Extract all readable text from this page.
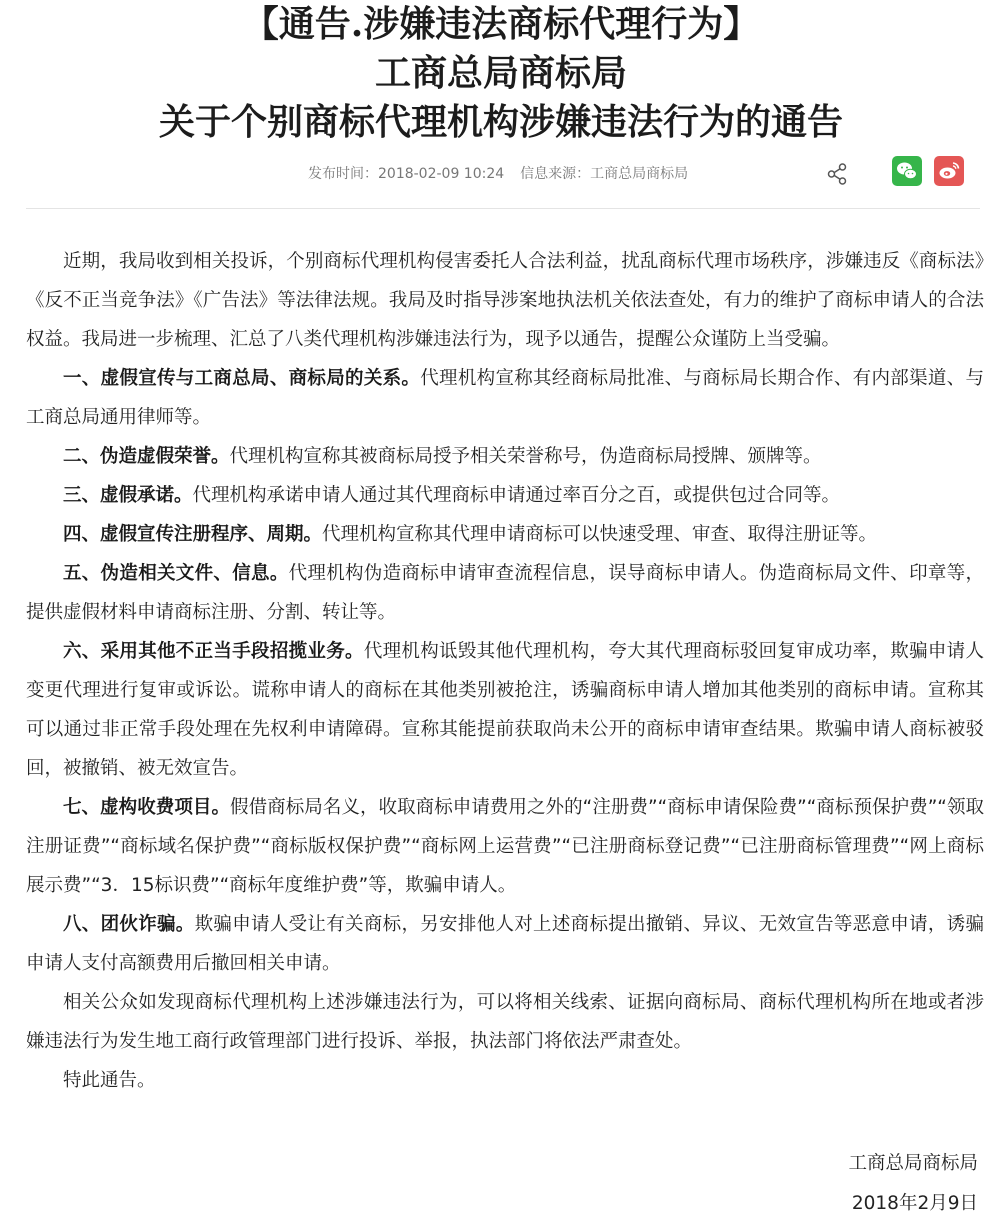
【通告.涉嫌违法商标代理行为】
工商总局商标局
关于个别商标代理机构涉嫌违法行为的通告
发布时间：2018-02-09 10:24 信息来源：工商总局商标局

近期，我局收到相关投诉，个别商标代理机构侵害委托人合法利益，扰乱商标代理市场秩序，涉嫌违反《商标法》《反不正当竞争法》《广告法》等法律法规。我局及时指导涉案地执法机关依法查处，有力的维护了商标申请人的合法权益。我局进一步梳理、汇总了八类代理机构涉嫌违法行为，现予以通告，提醒公众谨防上当受骗。

一、虚假宣传与工商总局、商标局的关系。代理机构宣称其经商标局批准、与商标局长期合作、有内部渠道、与工商总局通用律师等。

二、伪造虚假荣誉。代理机构宣称其被商标局授予相关荣誉称号，伪造商标局授牌、颁牌等。

三、虚假承诺。代理机构承诺申请人通过其代理商标申请通过率百分之百，或提供包过合同等。

四、虚假宣传注册程序、周期。代理机构宣称其代理申请商标可以快速受理、审查、取得注册证等。

五、伪造相关文件、信息。代理机构伪造商标申请审查流程信息，误导商标申请人。伪造商标局文件、印章等，提供虚假材料申请商标注册、分割、转让等。

六、采用其他不正当手段招揽业务。代理机构诋毁其他代理机构，夸大其代理商标驳回复审成功率，欺骗申请人变更代理进行复审或诉讼。谎称申请人的商标在其他类别被抢注，诱骗商标申请人增加其他类别的商标申请。宣称其可以通过非正常手段处理在先权利申请障碍。宣称其能提前获取尚未公开的商标申请审查结果。欺骗申请人商标被驳回，被撤销、被无效宣告。

七、虚构收费项目。假借商标局名义，收取商标申请费用之外的“注册费”“商标申请保险费”“商标预保护费”“领取注册证费”“商标域名保护费”“商标版权保护费”“商标网上运营费”“已注册商标登记费”“已注册商标管理费”“网上商标展示费”“3．15标识费”“商标年度维护费”等，欺骗申请人。

八、团伙诈骗。欺骗申请人受让有关商标，另安排他人对上述商标提出撤销、异议、无效宣告等恶意申请，诱骗申请人支付高额费用后撤回相关申请。

相关公众如发现商标代理机构上述涉嫌违法行为，可以将相关线索、证据向商标局、商标代理机构所在地或者涉嫌违法行为发生地工商行政管理部门进行投诉、举报，执法部门将依法严肃查处。

特此通告。

工商总局商标局
2018年2月9日
